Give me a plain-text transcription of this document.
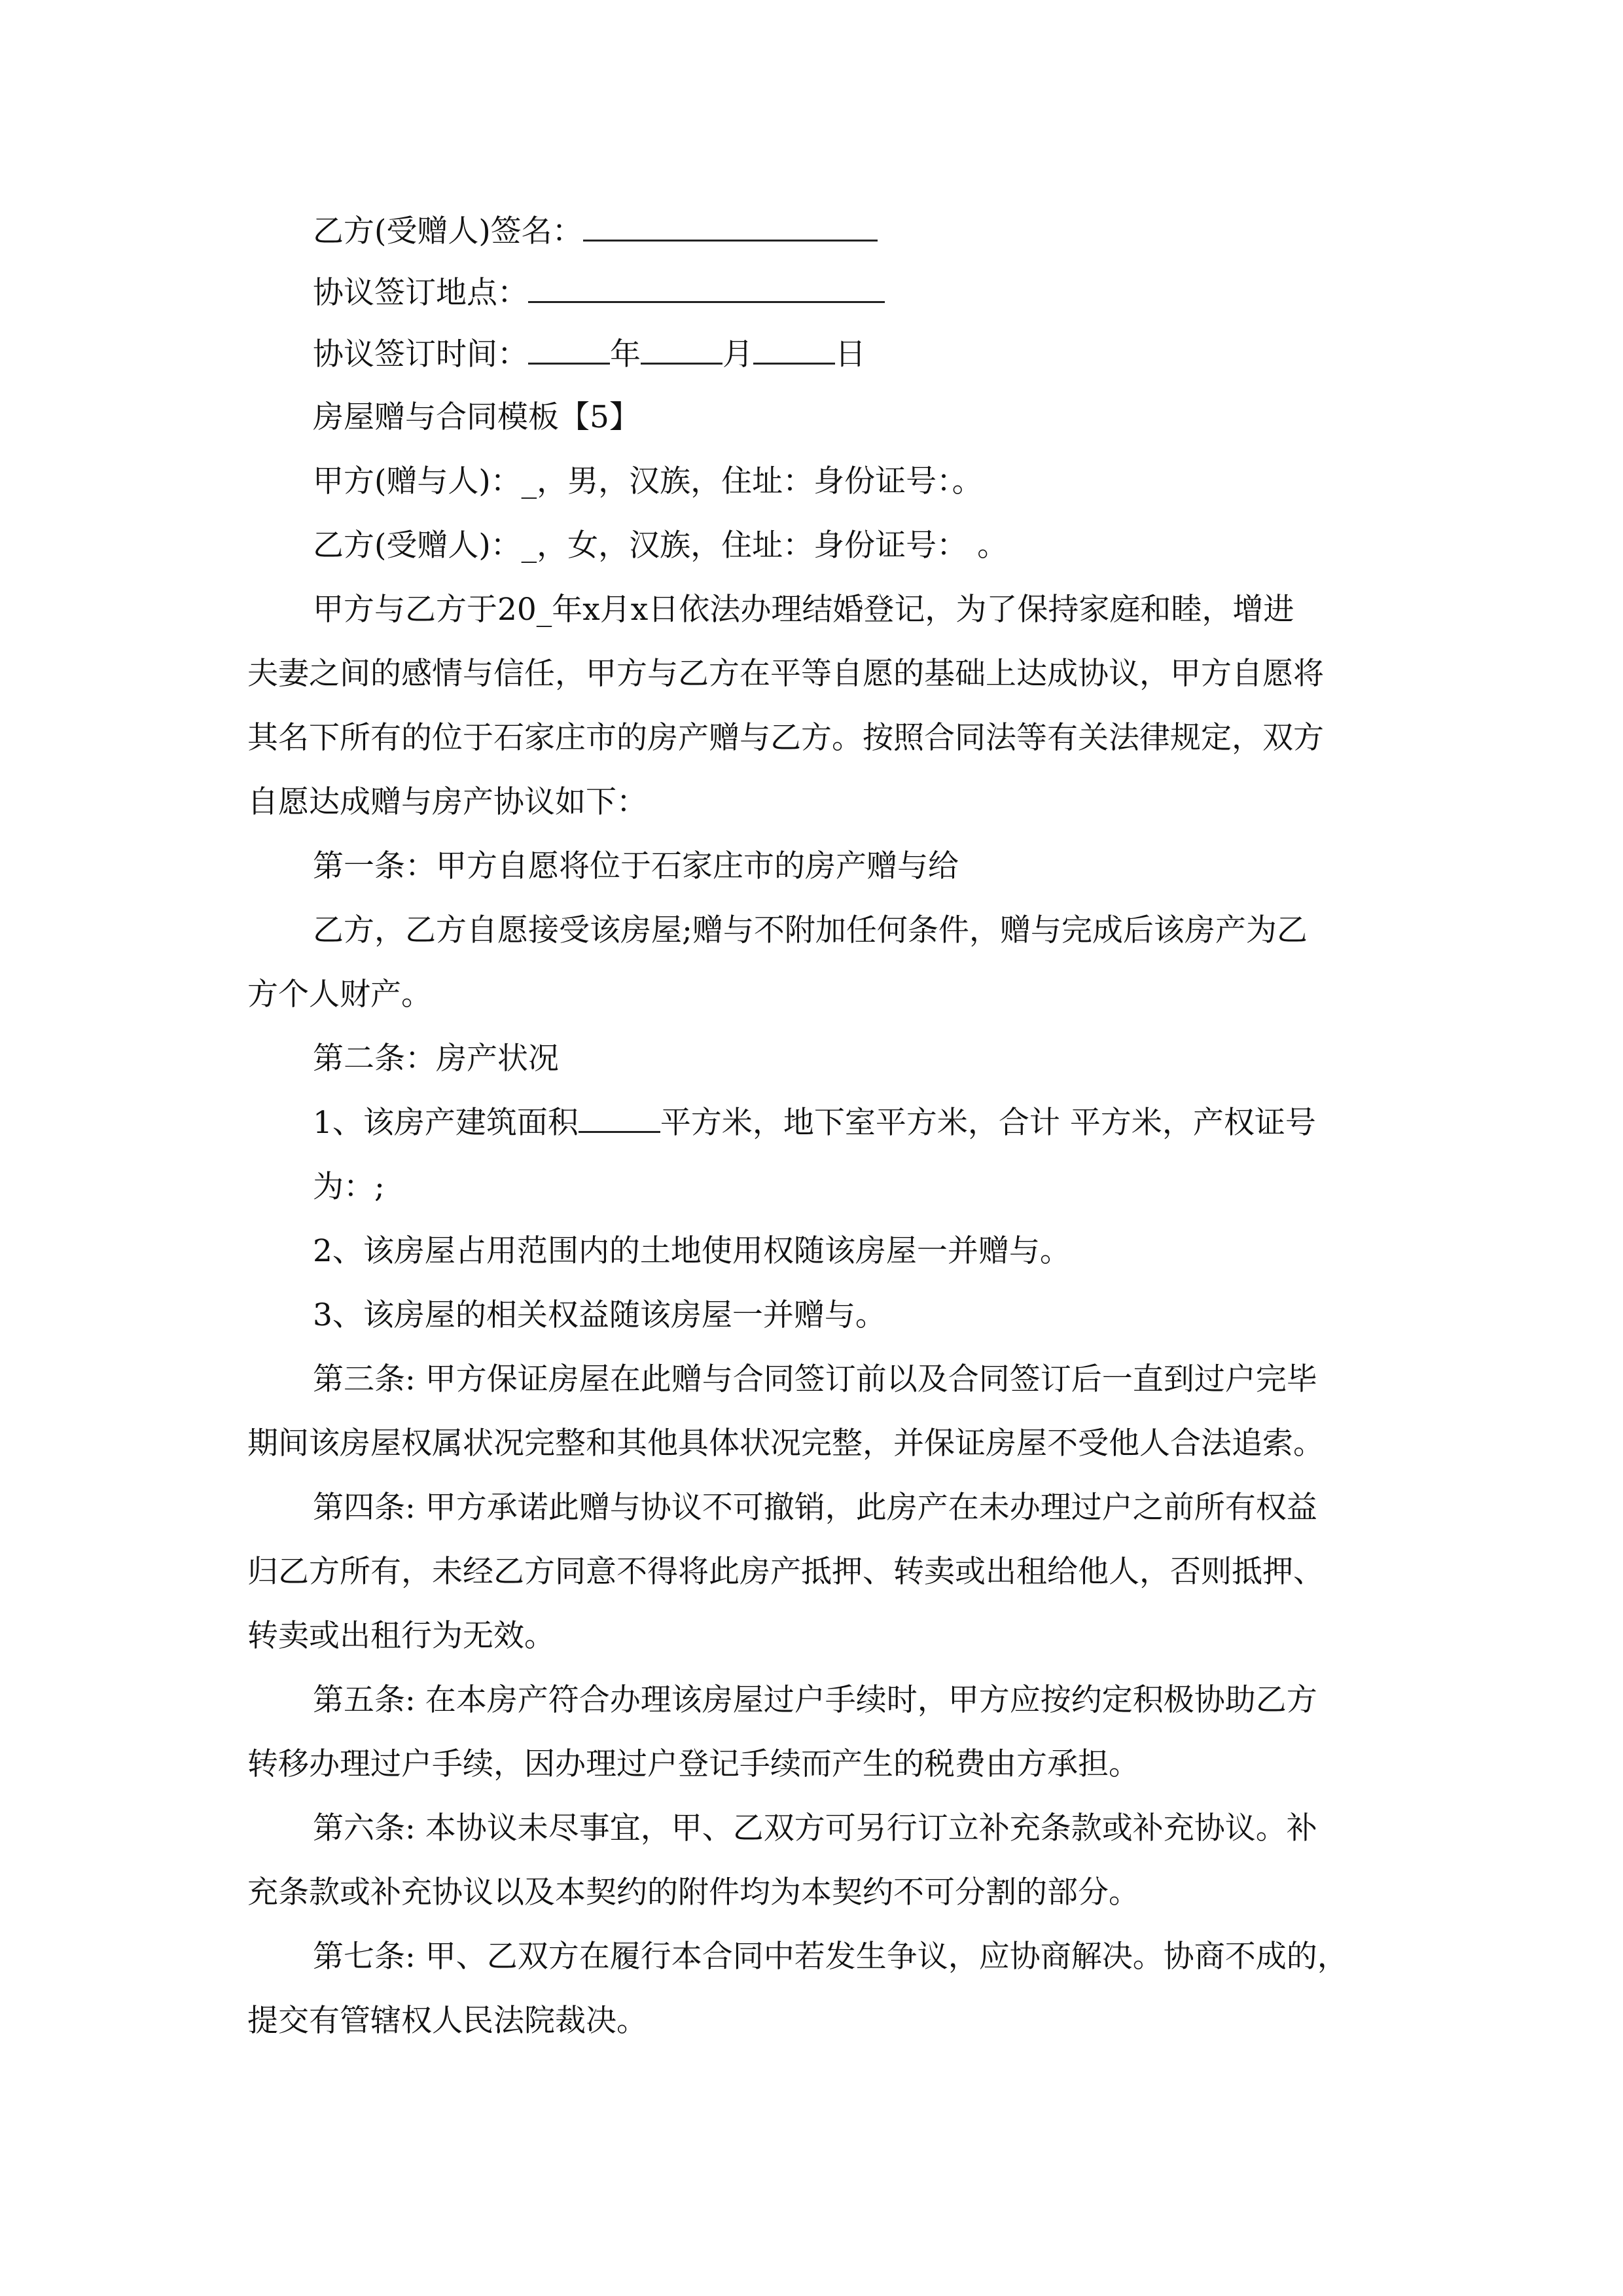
乙方(受赠人)签名：
协议签订地点：
协议签订时间：	年	月	日
房屋赠与合同模板【5】
甲方(赠与人)：_，男，汉族，住址：身份证号：。
乙方(受赠人)：_，女，汉族，住址：身份证号： 。
甲方与乙方于20_年x月x日依法办理结婚登记，为了保持家庭和睦，增进
夫妻之间的感情与信任，甲方与乙方在平等自愿的基础上达成协议，甲方自愿将
其名下所有的位于石家庄市的房产赠与乙方。按照合同法等有关法律规定，双方
自愿达成赠与房产协议如下：
第一条：甲方自愿将位于石家庄市的房产赠与给
乙方，乙方自愿接受该房屋;赠与不附加任何条件，赠与完成后该房产为乙
方个人财产。
第二条：房产状况
1、该房产建筑面积	平方米，地下室平方米，合计 平方米，产权证号
为：;
2、该房屋占用范围内的土地使用权随该房屋一并赠与。
3、该房屋的相关权益随该房屋一并赠与。
第三条: 甲方保证房屋在此赠与合同签订前以及合同签订后一直到过户完毕
期间该房屋权属状况完整和其他具体状况完整，并保证房屋不受他人合法追索。
第四条: 甲方承诺此赠与协议不可撤销，此房产在未办理过户之前所有权益
归乙方所有，未经乙方同意不得将此房产抵押、转卖或出租给他人，否则抵押、
转卖或出租行为无效。
第五条: 在本房产符合办理该房屋过户手续时，甲方应按约定积极协助乙方
转移办理过户手续，因办理过户登记手续而产生的税费由方承担。
第六条: 本协议未尽事宜，甲、乙双方可另行订立补充条款或补充协议。补
充条款或补充协议以及本契约的附件均为本契约不可分割的部分。
第七条: 甲、乙双方在履行本合同中若发生争议，应协商解决。协商不成的，
提交有管辖权人民法院裁决。
